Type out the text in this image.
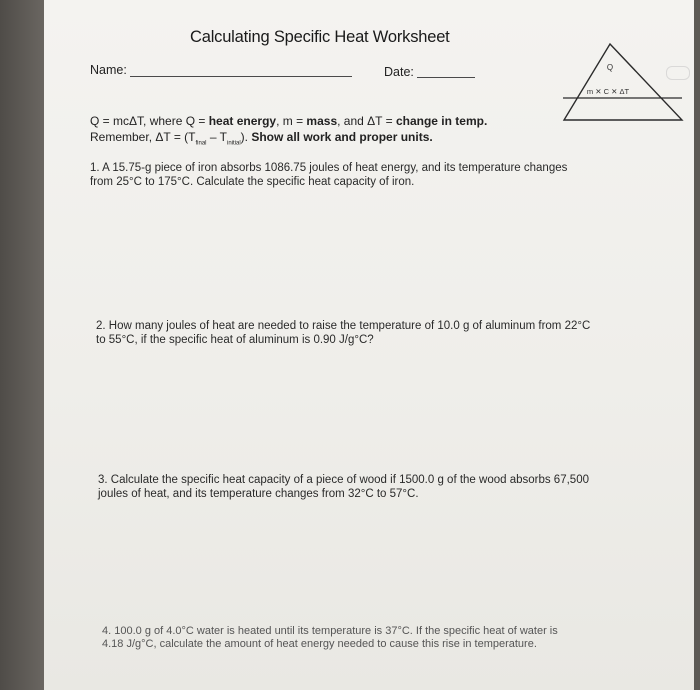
Calculating Specific Heat Worksheet
Name:	Date:	Q
m ✕ C ✕ ΔT
Q = mcΔT, where Q = heat energy, m = mass, and ΔT = change in temp.
Remember, $\Delta T = (T_{final} - T_{initial})$. Show all work and proper units.
1. A 15.75-g piece of iron absorbs 1086.75 joules of heat energy, and its temperature changes
from 25°C to 175°C. Calculate the specific heat capacity of iron.
2. How many joules of heat are needed to raise the temperature of 10.0 g of aluminum from 22°C
to 55°C, if the specific heat of aluminum is 0.90 J/g°C?
3. Calculate the specific heat capacity of a piece of wood if 1500.0 g of the wood absorbs 67,500
joules of heat, and its temperature changes from 32°C to 57°C.
4. 100.0 g of 4.0°C water is heated until its temperature is 37°C. If the specific heat of water is
4.18 J/g°C, calculate the amount of heat energy needed to cause this rise in temperature.
